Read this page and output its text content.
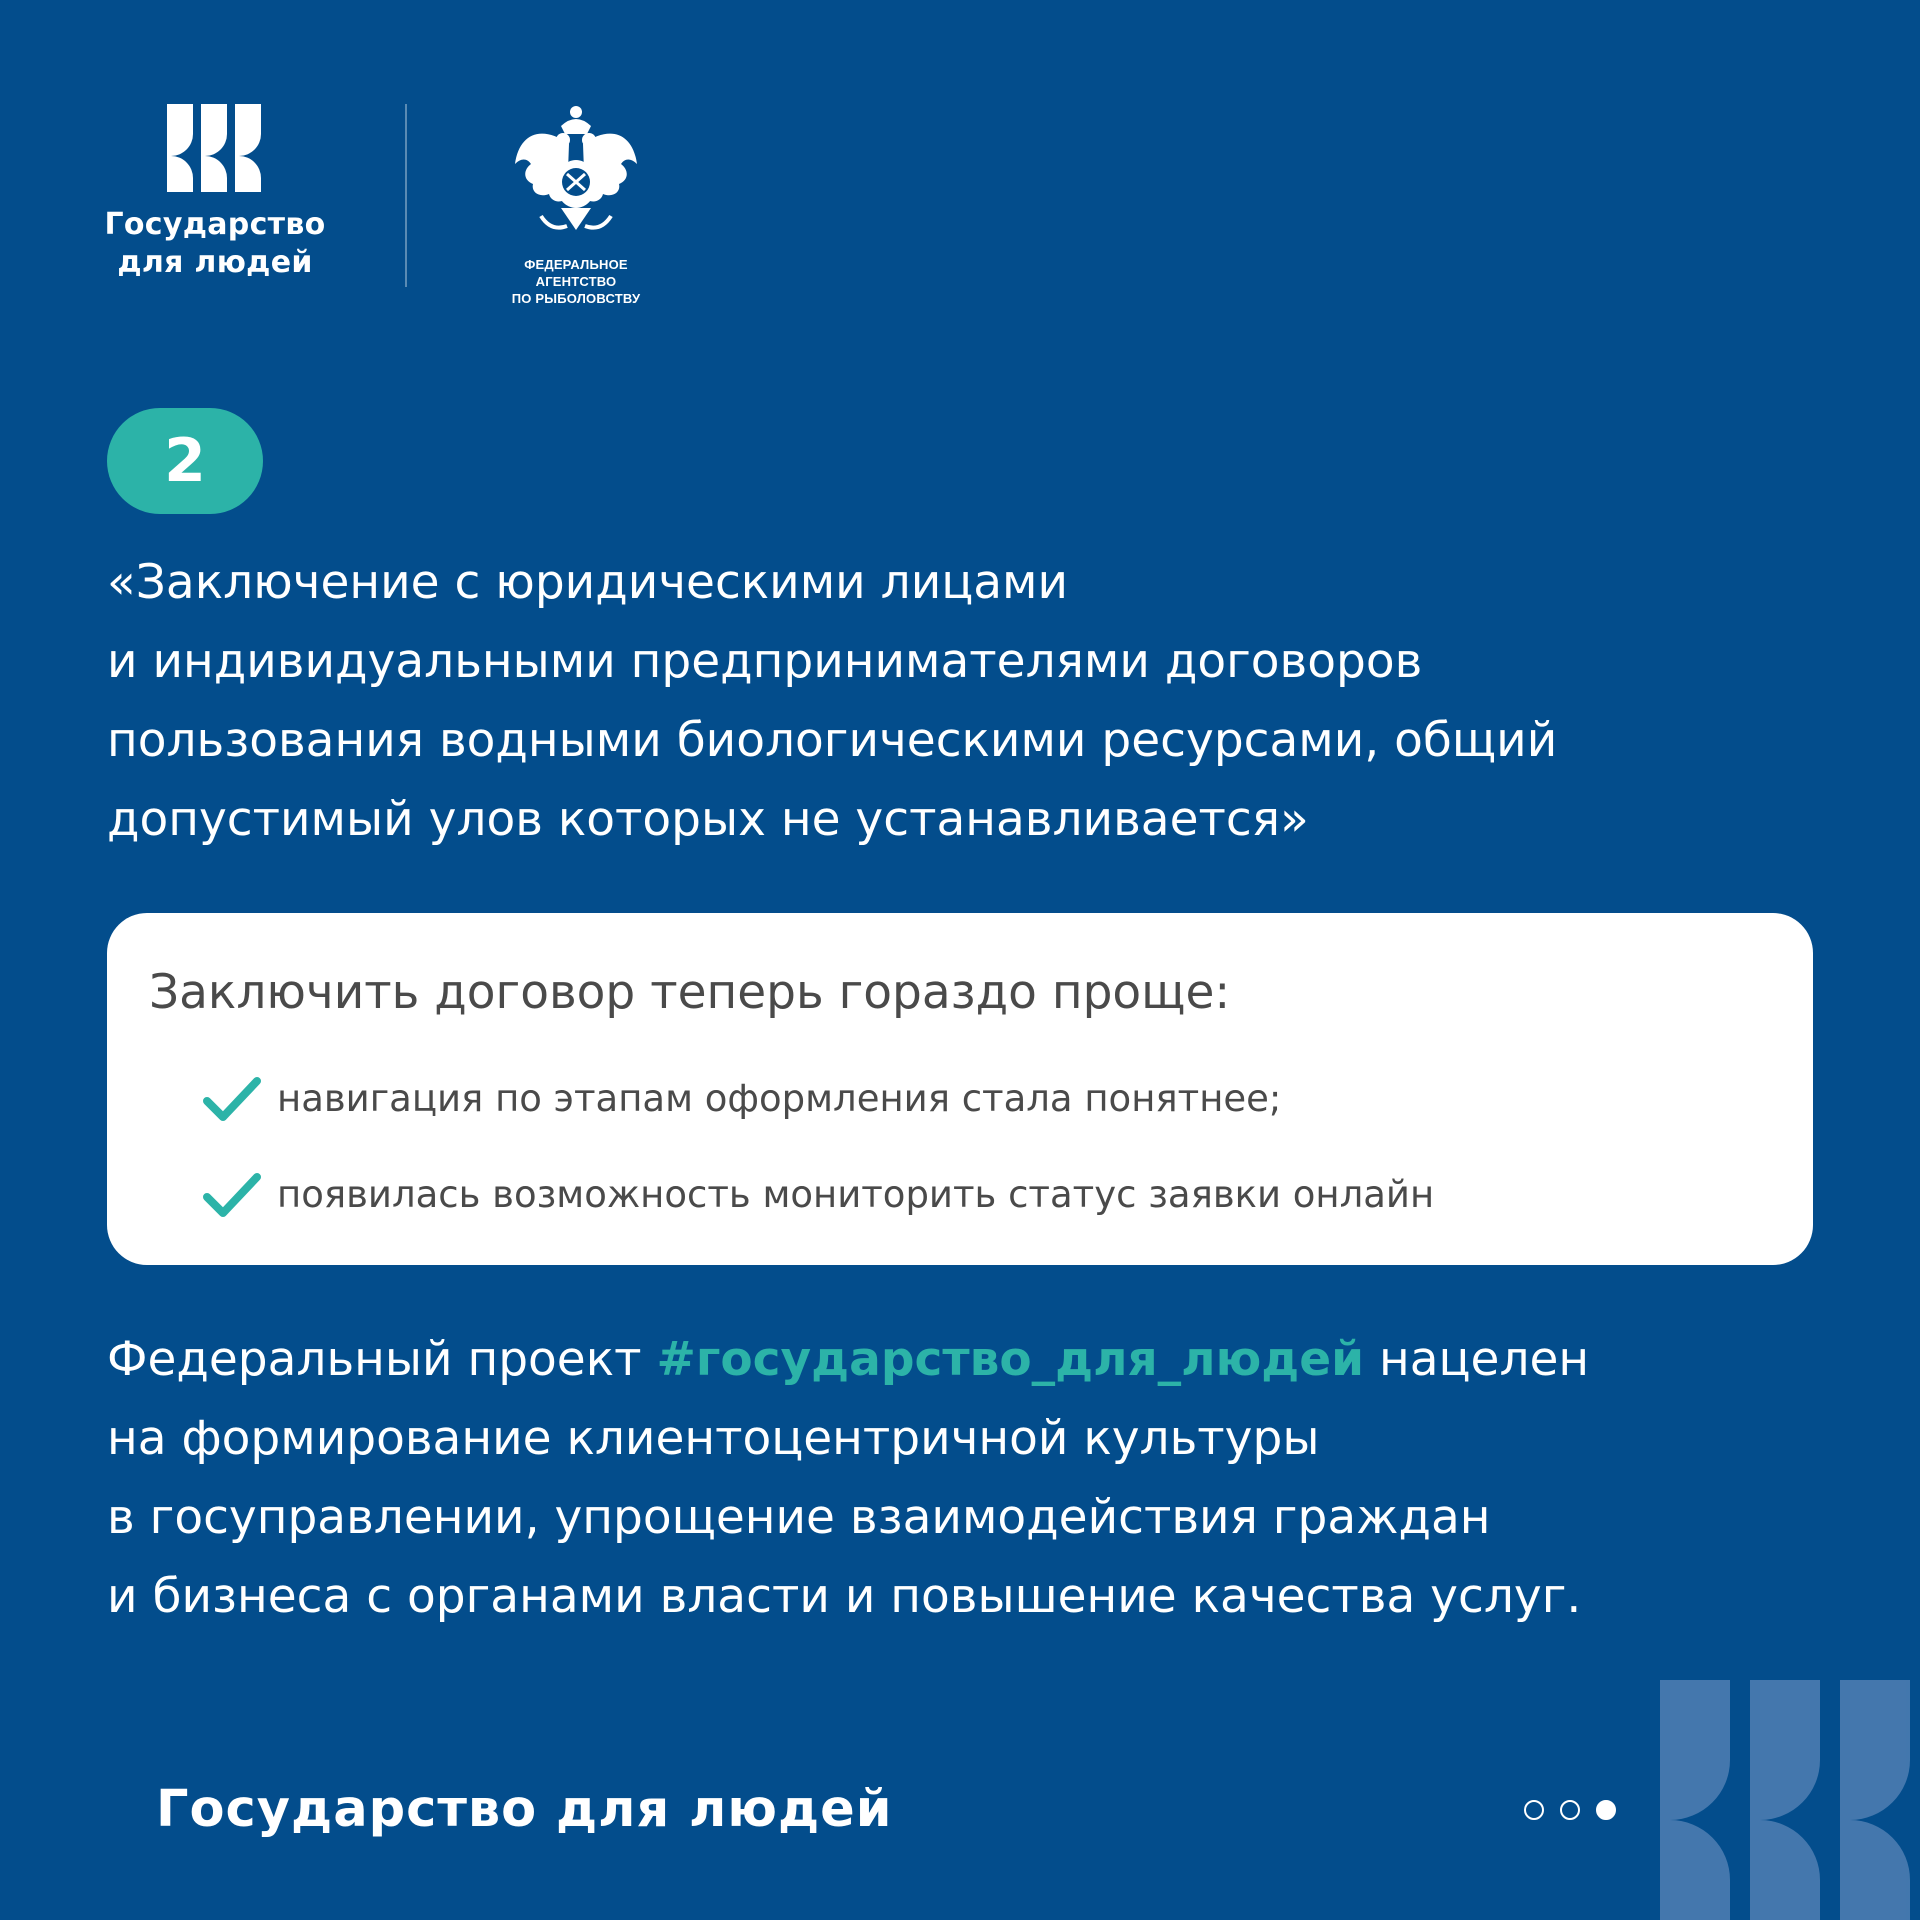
Государство
для людей	ФЕДЕРАЛЬНОЕ АГЕНТСТВО
ПО РЫБОЛОВСТВУ
2
«Заключение с юридическими лицами
и индивидуальными предпринимателями договоров
пользования водными биологическими ресурсами, общий
допустимый улов которых не устанавливается»
Заключить договор теперь гораздо проще:
навигация по этапам оформления стала понятнее;
появилась возможность мониторить статус заявки онлайн
Федеральный проект #государство_для_людей нацелен
на формирование клиентоцентричной культуры
в госуправлении, упрощение взаимодействия граждан
и бизнеса с органами власти и повышение качества услуг.
Государство для людей
